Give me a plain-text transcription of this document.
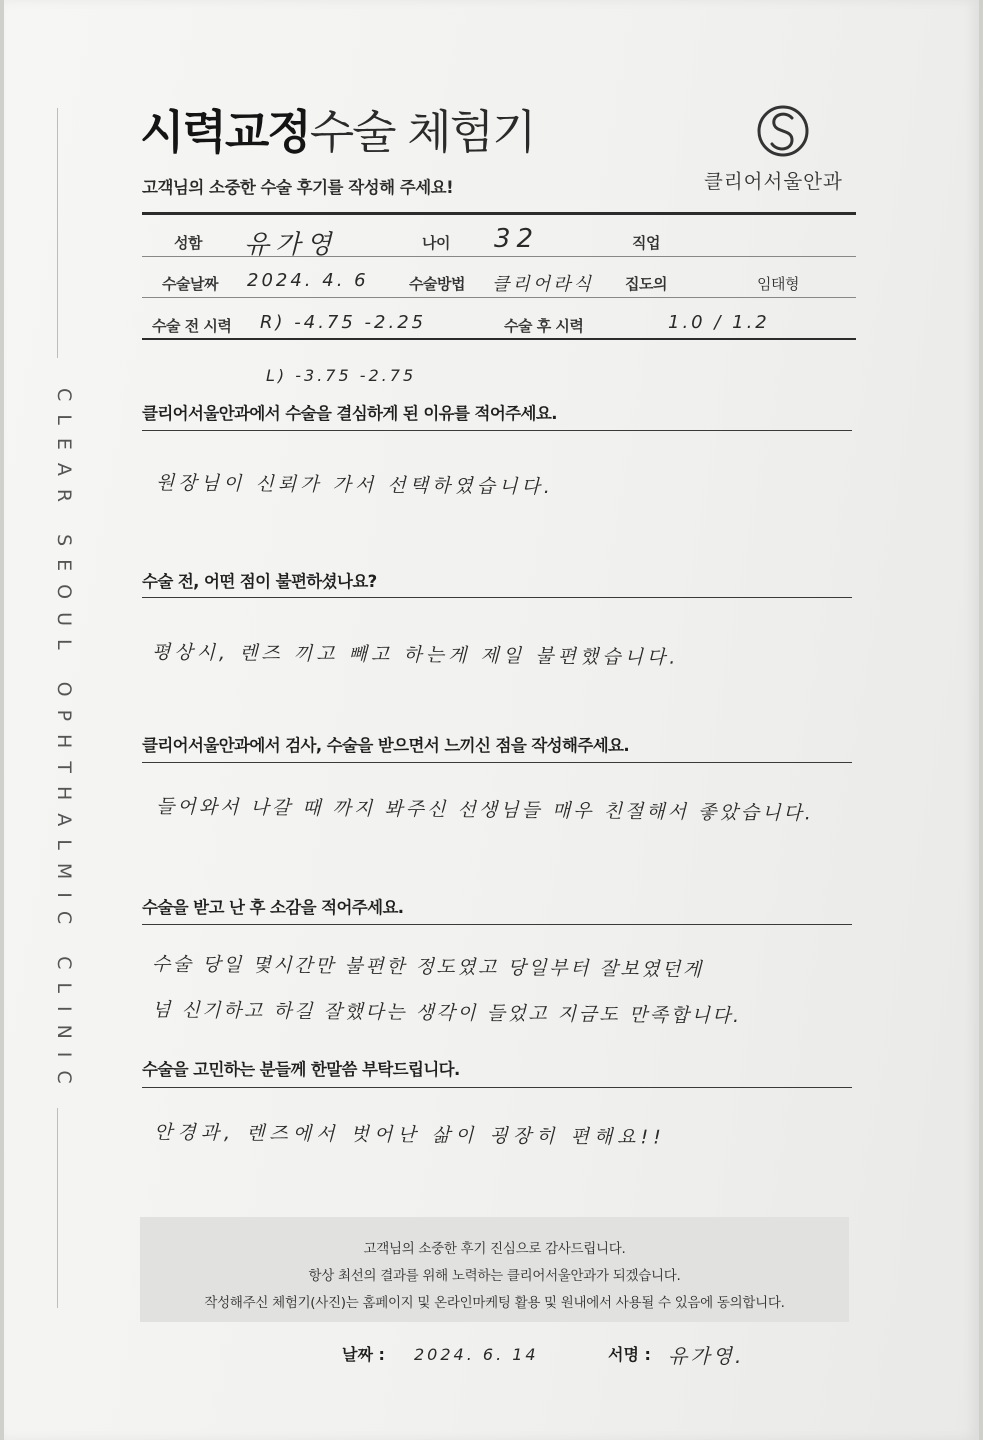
CLEAR SEOUL OPHTHALMIC CLINIC
시력교정수술 체험기
고객님의 소중한 수술 후기를 작성해 주세요!	클리어서울안과
성함 유가영	나이 32	직업
수술날짜 2024. 4. 6	수술방법 클리어라식 집도의	임태형
수술 전 시력 R) -4.75 -2.25	수술 후 시력	1.0 / 1.2
L) -3.75 -2.75
클리어서울안과에서 수술을 결심하게 된 이유를 적어주세요.
원장님이 신뢰가 가서 선택하였습니다.
수술 전, 어떤 점이 불편하셨나요?
평상시, 렌즈 끼고 빼고 하는게 제일 불편했습니다.
클리어서울안과에서 검사, 수술을 받으면서 느끼신 점을 작성해주세요.
들어와서 나갈 때 까지 봐주신 선생님들 매우 친절해서 좋았습니다.
수술을 받고 난 후 소감을 적어주세요.
수술 당일 몇시간만 불편한 정도였고 당일부터 잘보였던게
넘 신기하고 하길 잘했다는 생각이 들었고 지금도 만족합니다.
수술을 고민하는 분들께 한말씀 부탁드립니다.
안경과, 렌즈에서 벗어난 삶이 굉장히 편해요!!
고객님의 소중한 후기 진심으로 감사드립니다.
항상 최선의 결과를 위해 노력하는 클리어서울안과가 되겠습니다.
작성해주신 체험기(사진)는 홈페이지 및 온라인마케팅 활용 및 원내에서 사용될 수 있음에 동의합니다.
날짜 : 2024. 6. 14	서명 : 유가영.
